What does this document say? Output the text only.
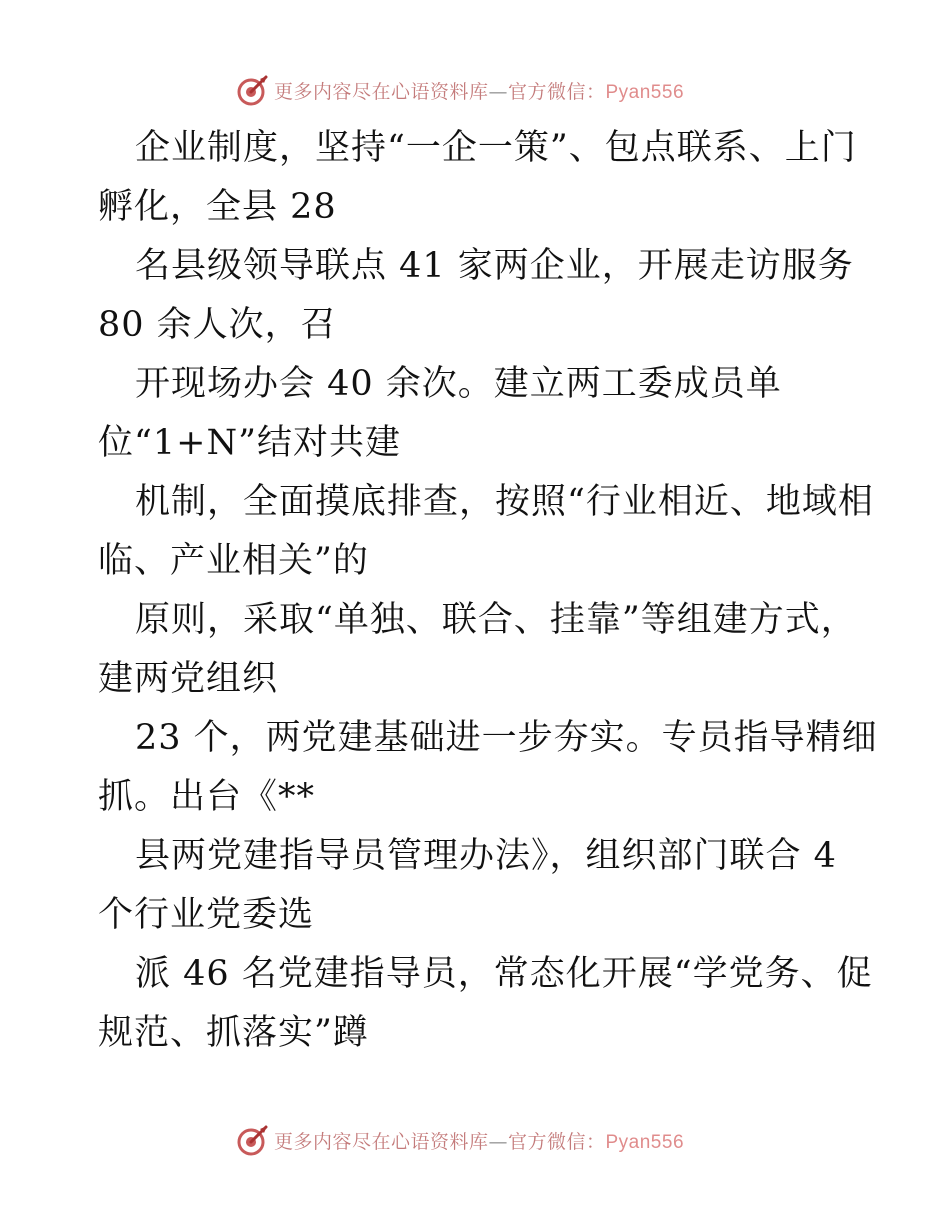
更多内容尽在心语资料库—官方微信：Pyan556
企业制度，坚持“一企一策”、包点联系、上门
孵化，全县 28
名县级领导联点 41 家两企业，开展走访服务
80 余人次，召
开现场办会 40 余次。建立两工委成员单
位“1+N”结对共建
机制，全面摸底排查，按照“行业相近、地域相
临、产业相关”的
原则，采取“单独、联合、挂靠”等组建方式，
建两党组织
23 个，两党建基础进一步夯实。专员指导精细
抓。出台《**
县两党建指导员管理办法》，组织部门联合 4
个行业党委选
派 46 名党建指导员，常态化开展“学党务、促
规范、抓落实”蹲
更多内容尽在心语资料库—官方微信：Pyan556
